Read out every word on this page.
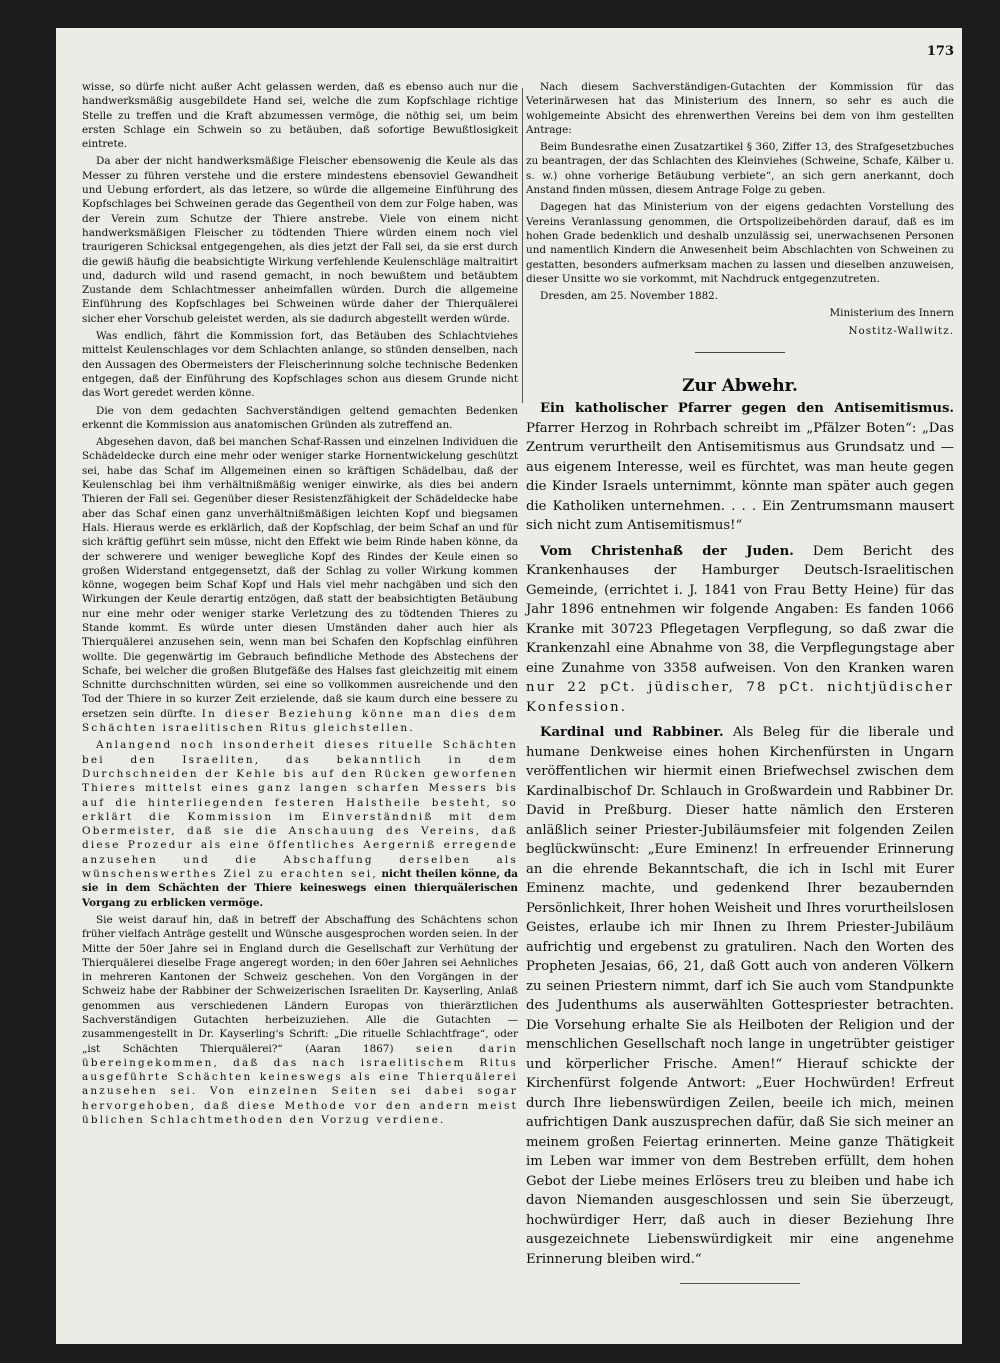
173

wisse, so dürfe nicht außer Acht gelassen werden, daß es ebenso auch nur die handwerksmäßig ausgebildete Hand sei, welche die zum Kopfschlage richtige Stelle zu treffen und die Kraft abzumessen vermöge, die nöthig sei, um beim ersten Schlage ein Schwein so zu betäuben, daß sofortige Bewußtlosigkeit eintrete.

Da aber der nicht handwerksmäßige Fleischer ebensowenig die Keule als das Messer zu führen verstehe und die erstere mindestens ebensoviel Gewandheit und Uebung erfordert, als das letzere, so würde die allgemeine Einführung des Kopfschlages bei Schweinen gerade das Gegentheil von dem zur Folge haben, was der Verein zum Schutze der Thiere anstrebe. Viele von einem nicht handwerksmäßigen Fleischer zu tödtenden Thiere würden einem noch viel traurigeren Schicksal entgegengehen, als dies jetzt der Fall sei, da sie erst durch die gewiß häufig die beabsichtigte Wirkung verfehlende Keulenschläge maltraitirt und, dadurch wild und rasend gemacht, in noch bewußtem und betäubtem Zustande dem Schlachtmesser anheimfallen würden. Durch die allgemeine Einführung des Kopfschlages bei Schweinen würde daher der Thierquälerei sicher eher Vorschub geleistet werden, als sie dadurch abgestellt werden würde.

Was endlich, fährt die Kommission fort, das Betäuben des Schlachtviehes mittelst Keulenschlages vor dem Schlachten anlange, so stünden denselben, nach den Aussagen des Obermeisters der Fleischerinnung solche technische Bedenken entgegen, daß der Einführung des Kopfschlages schon aus diesem Grunde nicht das Wort geredet werden könne.

Die von dem gedachten Sachverständigen geltend gemachten Bedenken erkennt die Kommission aus anatomischen Gründen als zutreffend an.

Abgesehen davon, daß bei manchen Schaf-Rassen und einzelnen Individuen die Schädeldecke durch eine mehr oder weniger starke Hornentwickelung geschützt sei, habe das Schaf im Allgemeinen einen so kräftigen Schädelbau, daß der Keulenschlag bei ihm verhältnißmäßig weniger einwirke, als dies bei andern Thieren der Fall sei. Gegenüber dieser Resistenzfähigkeit der Schädeldecke habe aber das Schaf einen ganz unverhältnißmäßigen leichten Kopf und biegsamen Hals. Hieraus werde es erklärlich, daß der Kopfschlag, der beim Schaf an und für sich kräftig geführt sein müsse, nicht den Effekt wie beim Rinde haben könne, da der schwerere und weniger bewegliche Kopf des Rindes der Keule einen so großen Widerstand entgegensetzt, daß der Schlag zu voller Wirkung kommen könne, wogegen beim Schaf Kopf und Hals viel mehr nachgäben und sich den Wirkungen der Keule derartig entzögen, daß statt der beabsichtigten Betäubung nur eine mehr oder weniger starke Verletzung des zu tödtenden Thieres zu Stande kommt. Es würde unter diesen Umständen daher auch hier als Thierquälerei anzusehen sein, wenn man bei Schafen den Kopfschlag einführen wollte. Die gegenwärtig im Gebrauch befindliche Methode des Abstechens der Schafe, bei welcher die großen Blutgefäße des Halses fast gleichzeitig mit einem Schnitte durchschnitten würden, sei eine so vollkommen ausreichende und den Tod der Thiere in so kurzer Zeit erzielende, daß sie kaum durch eine bessere zu ersetzen sein dürfte. In dieser Beziehung könne man dies dem Schächten israelitischen Ritus gleichstellen.

Anlangend noch insonderheit dieses rituelle Schächten bei den Israeliten, das bekanntlich in dem Durchschneiden der Kehle bis auf den Rücken geworfenen Thieres mittelst eines ganz langen scharfen Messers bis auf die hinterliegenden festeren Halstheile besteht, so erklärt die Kommission im Einverständniß mit dem Obermeister, daß sie die Anschauung des Vereins, daß diese Prozedur als eine öffentliches Aergerniß erregende anzusehen und die Abschaffung derselben als wünschenswerthes Ziel zu erachten sei, nicht theilen könne, da sie in dem Schächten der Thiere keineswegs einen thierquälerischen Vorgang zu erblicken vermöge.

Sie weist darauf hin, daß in betreff der Abschaffung des Schächtens schon früher vielfach Anträge gestellt und Wünsche ausgesprochen worden seien. In der Mitte der 50er Jahre sei in England durch die Gesellschaft zur Verhütung der Thierquälerei dieselbe Frage angeregt worden; in den 60er Jahren sei Aehnliches in mehreren Kantonen der Schweiz geschehen. Von den Vorgängen in der Schweiz habe der Rabbiner der Schweizerischen Israeliten Dr. Kayserling, Anlaß genommen aus verschiedenen Ländern Europas von thierärztlichen Sachverständigen Gutachten herbeizuziehen. Alle die Gutachten — zusammengestellt in Dr. Kayserling's Schrift: „Die rituelle Schlachtfrage“, oder „ist Schächten Thierquälerei?“ (Aaran 1867) seien darin übereingekommen, daß das nach israelitischem Ritus ausgeführte Schächten keineswegs als eine Thierquälerei anzusehen sei. Von einzelnen Seiten sei dabei sogar hervorgehoben, daß diese Methode vor den andern meist üblichen Schlachtmethoden den Vorzug verdiene.

Nach diesem Sachverständigen-Gutachten der Kommission für das Veterinärwesen hat das Ministerium des Innern, so sehr es auch die wohlgemeinte Absicht des ehrenwerthen Vereins bei dem von ihm gestellten Antrage:

Beim Bundesrathe einen Zusatzartikel § 360, Ziffer 13, des Strafgesetzbuches zu beantragen, der das Schlachten des Kleinviehes (Schweine, Schafe, Kälber u. s. w.) ohne vorherige Betäubung verbiete“, an sich gern anerkannt, doch Anstand finden müssen, diesem Antrage Folge zu geben.

Dagegen hat das Ministerium von der eigens gedachten Vorstellung des Vereins Veranlassung genommen, die Ortspolizeibehörden darauf, daß es im hohen Grade bedenklich und deshalb unzulässig sei, unerwachsenen Personen und namentlich Kindern die Anwesenheit beim Abschlachten von Schweinen zu gestatten, besonders aufmerksam machen zu lassen und dieselben anzuweisen, dieser Unsitte wo sie vorkommt, mit Nachdruck entgegenzutreten.

Dresden, am 25. November 1882.

Ministerium des Innern

Nostitz-Wallwitz.

Zur Abwehr.

Ein katholischer Pfarrer gegen den Antisemitismus. Pfarrer Herzog in Rohrbach schreibt im „Pfälzer Boten“: „Das Zentrum verurtheilt den Antisemitismus aus Grundsatz und — aus eigenem Interesse, weil es fürchtet, was man heute gegen die Kinder Israels unternimmt, könnte man später auch gegen die Katholiken unternehmen. . . . Ein Zentrumsmann mausert sich nicht zum Antisemitismus!“

Vom Christenhaß der Juden. Dem Bericht des Krankenhauses der Hamburger Deutsch-Israelitischen Gemeinde, (errichtet i. J. 1841 von Frau Betty Heine) für das Jahr 1896 entnehmen wir folgende Angaben: Es fanden 1066 Kranke mit 30723 Pflegetagen Verpflegung, so daß zwar die Krankenzahl eine Abnahme von 38, die Verpflegungstage aber eine Zunahme von 3358 aufweisen. Von den Kranken waren nur 22 pCt. jüdischer, 78 pCt. nichtjüdischer Konfession.

Kardinal und Rabbiner. Als Beleg für die liberale und humane Denkweise eines hohen Kirchenfürsten in Ungarn veröffentlichen wir hiermit einen Briefwechsel zwischen dem Kardinalbischof Dr. Schlauch in Großwardein und Rabbiner Dr. David in Preßburg. Dieser hatte nämlich den Ersteren anläßlich seiner Priester-Jubiläumsfeier mit folgenden Zeilen beglückwünscht: „Eure Eminenz! In erfreuender Erinnerung an die ehrende Bekanntschaft, die ich in Ischl mit Eurer Eminenz machte, und gedenkend Ihrer bezaubernden Persönlichkeit, Ihrer hohen Weisheit und Ihres vorurtheilslosen Geistes, erlaube ich mir Ihnen zu Ihrem Priester-Jubiläum aufrichtig und ergebenst zu gratuliren. Nach den Worten des Propheten Jesaias, 66, 21, daß Gott auch von anderen Völkern zu seinen Priestern nimmt, darf ich Sie auch vom Standpunkte des Judenthums als auserwählten Gottespriester betrachten. Die Vorsehung erhalte Sie als Heilboten der Religion und der menschlichen Gesellschaft noch lange in ungetrübter geistiger und körperlicher Frische. Amen!“ Hierauf schickte der Kirchenfürst folgende Antwort: „Euer Hochwürden! Erfreut durch Ihre liebenswürdigen Zeilen, beeile ich mich, meinen aufrichtigen Dank auszusprechen dafür, daß Sie sich meiner an meinem großen Feiertag erinnerten. Meine ganze Thätigkeit im Leben war immer von dem Bestreben erfüllt, dem hohen Gebot der Liebe meines Erlösers treu zu bleiben und habe ich davon Niemanden ausgeschlossen und sein Sie überzeugt, hochwürdiger Herr, daß auch in dieser Beziehung Ihre ausgezeichnete Liebenswürdigkeit mir eine angenehme Erinnerung bleiben wird.“
